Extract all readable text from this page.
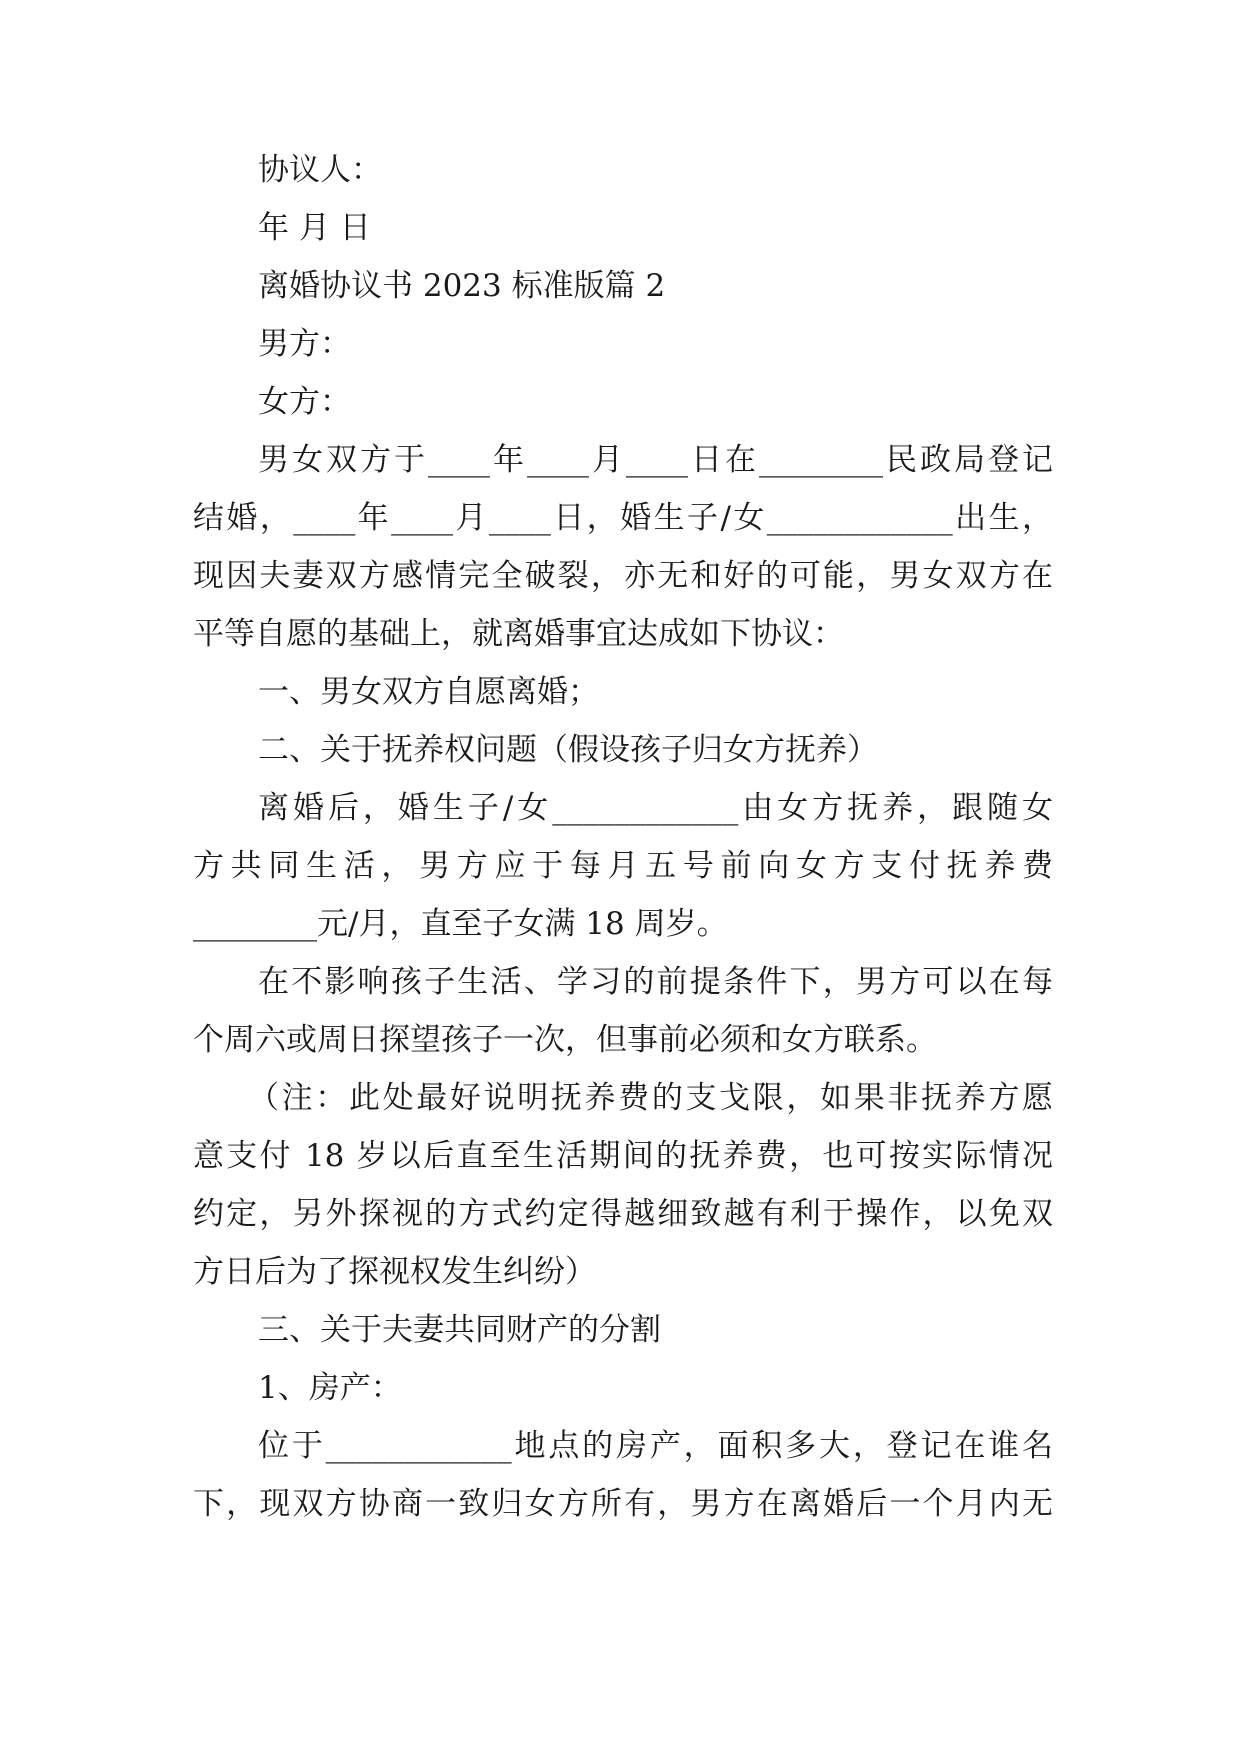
协议人：
年 月 日
离婚协议书 2023 标准版篇 2
男方：
女方：
男女双方于____年____月____日在________民政局登记
结婚，____年____月____日，婚生子/女____________出生，
现因夫妻双方感情完全破裂，亦无和好的可能，男女双方在
平等自愿的基础上，就离婚事宜达成如下协议：
一、男女双方自愿离婚；
二、关于抚养权问题（假设孩子归女方抚养）
离婚后，婚生子/女____________由女方抚养，跟随女
方共同生活，男方应于每月五号前向女方支付抚养费
________元/月，直至子女满 18 周岁。
在不影响孩子生活、学习的前提条件下，男方可以在每
个周六或周日探望孩子一次，但事前必须和女方联系。
（注：此处最好说明抚养费的支戈限，如果非抚养方愿
意支付 18 岁以后直至生活期间的抚养费，也可按实际情况
约定，另外探视的方式约定得越细致越有利于操作，以免双
方日后为了探视权发生纠纷）
三、关于夫妻共同财产的分割
1、房产：
位于____________地点的房产，面积多大，登记在谁名
下，现双方协商一致归女方所有，男方在离婚后一个月内无
